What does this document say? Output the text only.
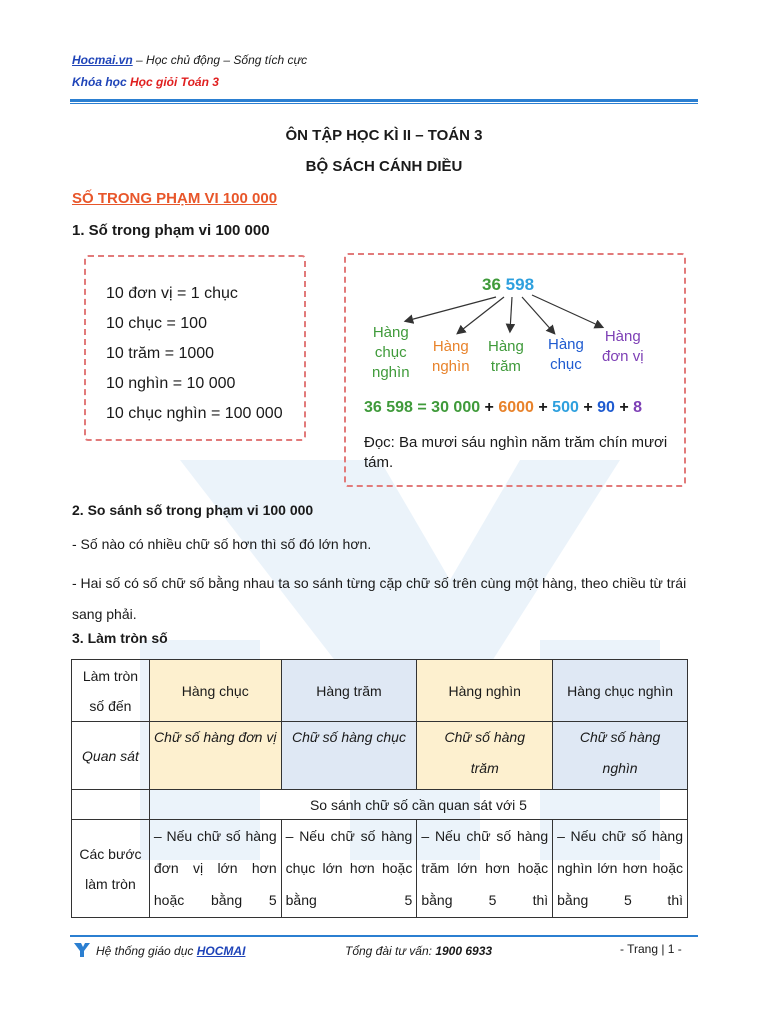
Hocmai.vn – Học chủ động – Sống tích cực
Khóa học Học giỏi Toán 3
ÔN TẬP HỌC KÌ II – TOÁN 3
BỘ SÁCH CÁNH DIỀU
SỐ TRONG PHẠM VI 100 000
1. Số trong phạm vi 100 000
10 đơn vị = 1 chục
10 chục = 100
10 trăm = 1000
10 nghìn = 10 000
10 chục nghìn = 100 000
36 598
Hàng
chục
nghìn
Hàng
nghìn
Hàng
trăm
Hàng
chục
Hàng
đơn vị
36 598 = 30 000 + 6000 + 500 + 90 + 8
Đọc: Ba mươi sáu nghìn năm trăm chín mươi tám.
2. So sánh số trong phạm vi 100 000
- Số nào có nhiều chữ số hơn thì số đó lớn hơn.
- Hai số có số chữ số bằng nhau ta so sánh từng cặp chữ số trên cùng một hàng, theo chiều từ trái sang phải.
3. Làm tròn số
Làm tròn số đến	Hàng chục	Hàng trăm	Hàng nghìn	Hàng chục nghìn
Quan sát	Chữ số hàng đơn vị	Chữ số hàng chục	Chữ số hàng trăm	Chữ số hàng nghìn
	So sánh chữ số cần quan sát với 5			
Các bước làm tròn	– Nếu chữ số hàng đơn vị lớn hơn hoặc bằng 5	– Nếu chữ số hàng chục lớn hơn hoặc bằng 5	– Nếu chữ số hàng trăm lớn hơn hoặc bằng 5 thì	– Nếu chữ số hàng nghìn lớn hơn hoặc bằng 5 thì
Hệ thống giáo dục HOCMAI	Tổng đài tư vấn: 1900 6933	- Trang | 1 -
